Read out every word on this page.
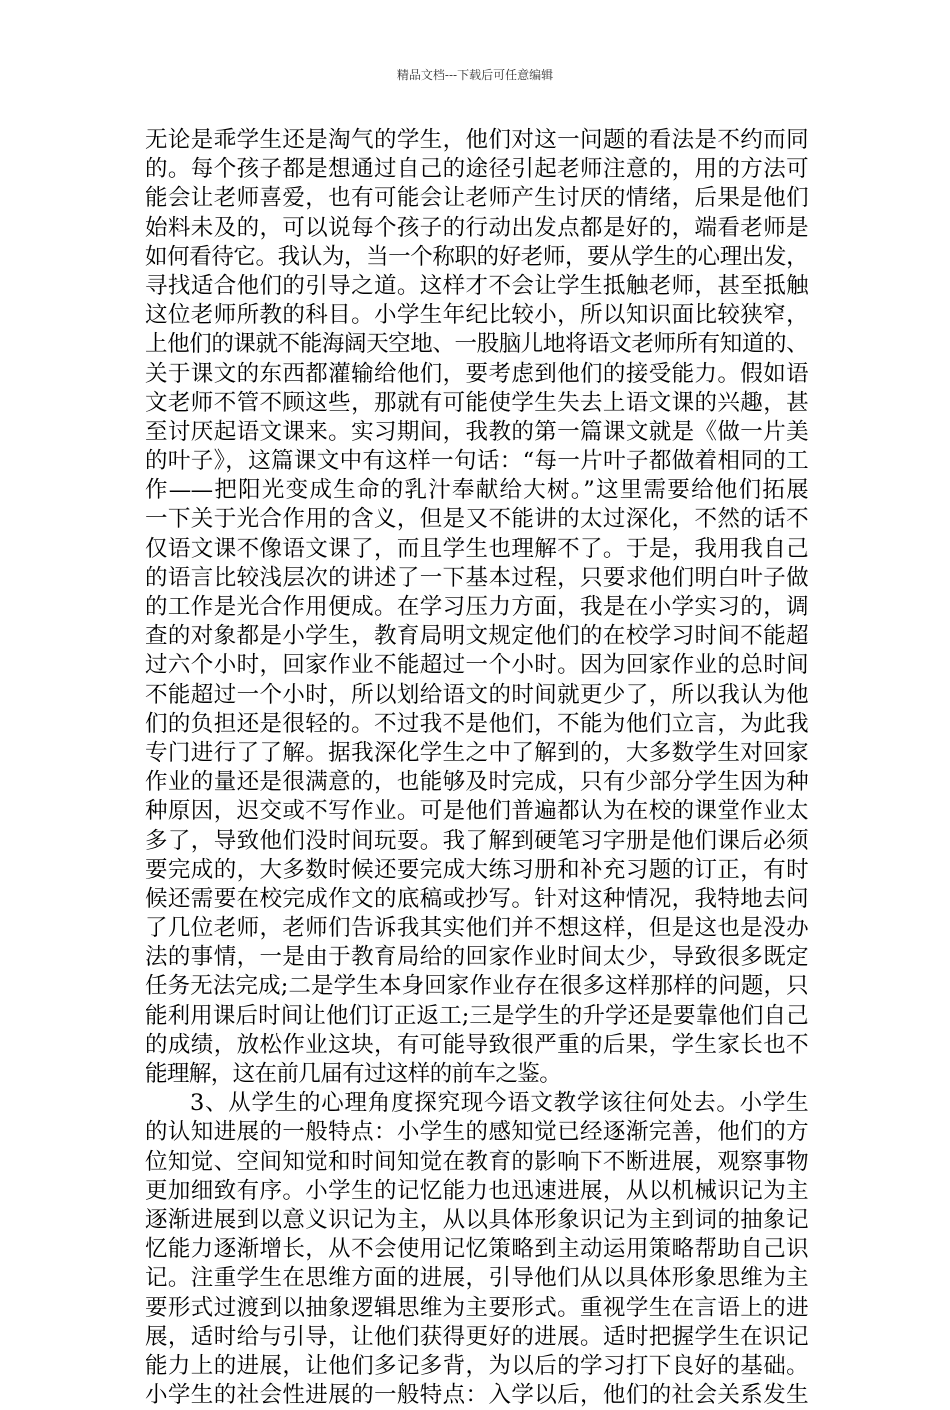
精品文档---下载后可任意编辑
无论是乖学生还是淘气的学生，他们对这一问题的看法是不约而同
的。每个孩子都是想通过自己的途径引起老师注意的，用的方法可
能会让老师喜爱，也有可能会让老师产生讨厌的情绪，后果是他们
始料未及的，可以说每个孩子的行动出发点都是好的，端看老师是
如何看待它。我认为，当一个称职的好老师，要从学生的心理出发，
寻找适合他们的引导之道。这样才不会让学生抵触老师，甚至抵触
这位老师所教的科目。小学生年纪比较小，所以知识面比较狭窄，
上他们的课就不能海阔天空地、一股脑儿地将语文老师所有知道的、
关于课文的东西都灌输给他们，要考虑到他们的接受能力。假如语
文老师不管不顾这些，那就有可能使学生失去上语文课的兴趣，甚
至讨厌起语文课来。实习期间，我教的第一篇课文就是《做一片美
的叶子》，这篇课文中有这样一句话：“每一片叶子都做着相同的工
作——把阳光变成生命的乳汁奉献给大树。”这里需要给他们拓展
一下关于光合作用的含义，但是又不能讲的太过深化，不然的话不
仅语文课不像语文课了，而且学生也理解不了。于是，我用我自己
的语言比较浅层次的讲述了一下基本过程，只要求他们明白叶子做
的工作是光合作用便成。在学习压力方面，我是在小学实习的，调
查的对象都是小学生，教育局明文规定他们的在校学习时间不能超
过六个小时，回家作业不能超过一个小时。因为回家作业的总时间
不能超过一个小时，所以划给语文的时间就更少了，所以我认为他
们的负担还是很轻的。不过我不是他们，不能为他们立言，为此我
专门进行了了解。据我深化学生之中了解到的，大多数学生对回家
作业的量还是很满意的，也能够及时完成，只有少部分学生因为种
种原因，迟交或不写作业。可是他们普遍都认为在校的课堂作业太
多了，导致他们没时间玩耍。我了解到硬笔习字册是他们课后必须
要完成的，大多数时候还要完成大练习册和补充习题的订正，有时
候还需要在校完成作文的底稿或抄写。针对这种情况，我特地去问
了几位老师，老师们告诉我其实他们并不想这样，但是这也是没办
法的事情，一是由于教育局给的回家作业时间太少，导致很多既定
任务无法完成;二是学生本身回家作业存在很多这样那样的问题，只
能利用课后时间让他们订正返工;三是学生的升学还是要靠他们自己
的成绩，放松作业这块，有可能导致很严重的后果，学生家长也不
能理解，这在前几届有过这样的前车之鉴。
3、从学生的心理角度探究现今语文教学该往何处去。小学生
的认知进展的一般特点：小学生的感知觉已经逐渐完善，他们的方
位知觉、空间知觉和时间知觉在教育的影响下不断进展，观察事物
更加细致有序。小学生的记忆能力也迅速进展，从以机械识记为主
逐渐进展到以意义识记为主，从以具体形象识记为主到词的抽象记
忆能力逐渐增长，从不会使用记忆策略到主动运用策略帮助自己识
记。注重学生在思维方面的进展，引导他们从以具体形象思维为主
要形式过渡到以抽象逻辑思维为主要形式。重视学生在言语上的进
展，适时给与引导，让他们获得更好的进展。适时把握学生在识记
能力上的进展，让他们多记多背，为以后的学习打下良好的基础。
小学生的社会性进展的一般特点：入学以后，他们的社会关系发生
